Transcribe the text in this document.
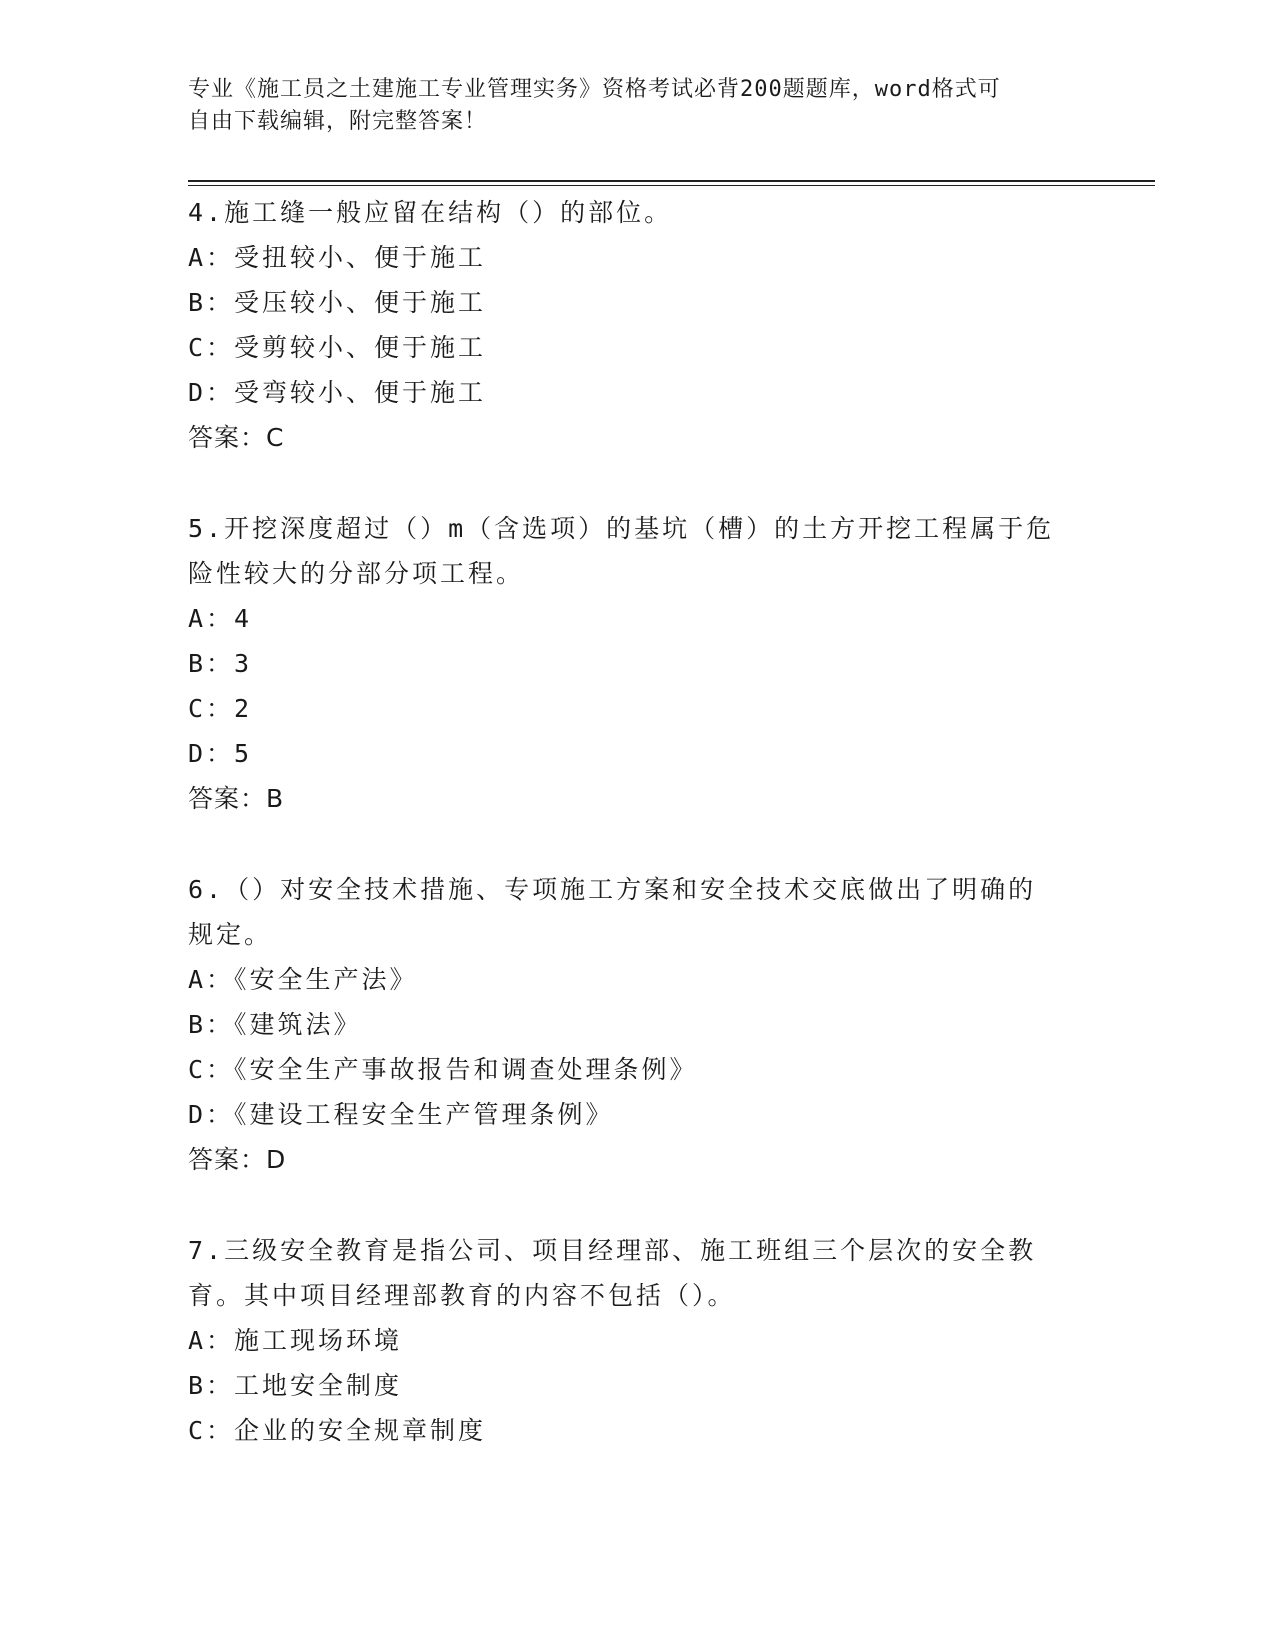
专业《施工员之土建施工专业管理实务》资格考试必背200题题库，word格式可
自由下载编辑，附完整答案！
4.施工缝一般应留在结构（）的部位。
A：受扭较小、便于施工
B：受压较小、便于施工
C：受剪较小、便于施工
D：受弯较小、便于施工
答案：C
5.开挖深度超过（）m（含选项）的基坑（槽）的土方开挖工程属于危
险性较大的分部分项工程。
A：4
B：3
C：2
D：5
答案：B
6.（）对安全技术措施、专项施工方案和安全技术交底做出了明确的
规定。
A：《安全生产法》
B：《建筑法》
C：《安全生产事故报告和调查处理条例》
D：《建设工程安全生产管理条例》
答案：D
7.三级安全教育是指公司、项目经理部、施工班组三个层次的安全教
育。其中项目经理部教育的内容不包括（）。
A：施工现场环境
B：工地安全制度
C：企业的安全规章制度
